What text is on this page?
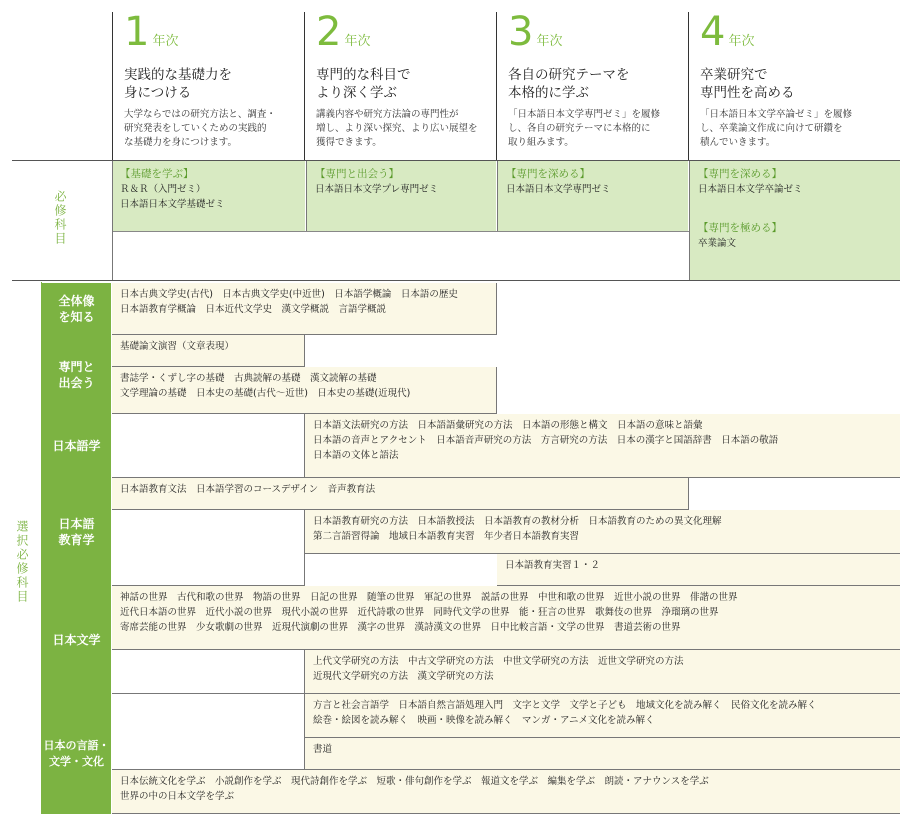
1 年次
実践的な基礎力を
身につける
大学ならではの研究方法と、調査・
研究発表をしていくための実践的
な基礎力を身につけます。
2 年次
専門的な科目で
より深く学ぶ
講義内容や研究方法論の専門性が
増し、より深い探究、より広い展望を
獲得できます。
3 年次
各自の研究テーマを
本格的に学ぶ
「日本語日本文学専門ゼミ」を履修
し、各自の研究テーマに本格的に
取り組みます。
4 年次
卒業研究で
専門性を高める
「日本語日本文学卒論ゼミ」を履修
し、卒業論文作成に向けて研鑽を
積んでいきます。
必修科目
【基礎を学ぶ】
Ｒ＆Ｒ（入門ゼミ）
日本語日本文学基礎ゼミ
【専門と出会う】
日本語日本文学プレ専門ゼミ
【専門を深める】
日本語日本文学専門ゼミ
【専門を深める】
日本語日本文学卒論ゼミ
【専門を極める】
卒業論文
選択必修科目
全体像
を知る
専門と
出会う
日本語学
日本語
教育学
日本文学
日本の言語・
文学・文化
日本古典文学史(古代)　日本古典文学史(中近世)　日本語学概論　日本語の歴史
日本語教育学概論　日本近代文学史　漢文学概説　言語学概説
基礎論文演習（文章表現）
書誌学・くずし字の基礎　古典読解の基礎　漢文読解の基礎
文学理論の基礎　日本史の基礎(古代〜近世)　日本史の基礎(近現代)
日本語文法研究の方法　日本語語彙研究の方法　日本語の形態と構文　日本語の意味と語彙
日本語の音声とアクセント　日本語音声研究の方法　方言研究の方法　日本の漢字と国語辞書　日本語の敬語
日本語の文体と語法
日本語教育文法　日本語学習のコースデザイン　音声教育法
日本語教育研究の方法　日本語教授法　日本語教育の教材分析　日本語教育のための異文化理解
第二言語習得論　地域日本語教育実習　年少者日本語教育実習
日本語教育実習１・２
神話の世界　古代和歌の世界　物語の世界　日記の世界　随筆の世界　軍記の世界　説話の世界　中世和歌の世界　近世小説の世界　俳諧の世界
近代日本語の世界　近代小説の世界　現代小説の世界　近代詩歌の世界　同時代文学の世界　能・狂言の世界　歌舞伎の世界　浄瑠璃の世界
寄席芸能の世界　少女歌劇の世界　近現代演劇の世界　漢字の世界　漢詩漢文の世界　日中比較言語・文学の世界　書道芸術の世界
上代文学研究の方法　中古文学研究の方法　中世文学研究の方法　近世文学研究の方法
近現代文学研究の方法　漢文学研究の方法
方言と社会言語学　日本語自然言語処理入門　文字と文学　文学と子ども　地域文化を読み解く　民俗文化を読み解く
絵巻・絵図を読み解く　映画・映像を読み解く　マンガ・アニメ文化を読み解く
書道
日本伝統文化を学ぶ　小説創作を学ぶ　現代詩創作を学ぶ　短歌・俳句創作を学ぶ　報道文を学ぶ　編集を学ぶ　朗読・アナウンスを学ぶ
世界の中の日本文学を学ぶ
